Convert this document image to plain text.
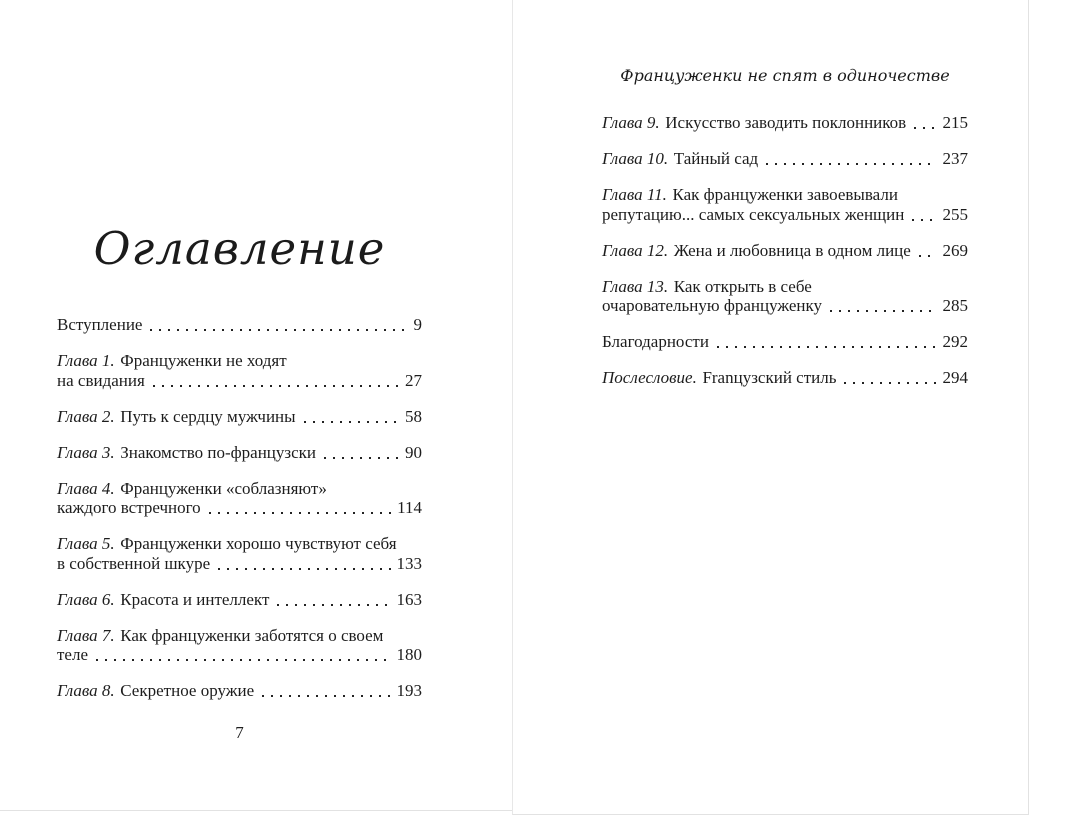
Оглавление
Вступление	9
Глава 1. Француженки не ходят
на свидания	27
Глава 2. Путь к сердцу мужчины	58
Глава 3. Знакомство по-французски	90
Глава 4. Француженки «соблазняют»
каждого встречного	114
Глава 5. Француженки хорошо чувствуют себя
в собственной шкуре	133
Глава 6. Красота и интеллект	163
Глава 7. Как француженки заботятся о своем
теле	180
Глава 8. Секретное оружие	193
7
Француженки не спят в одиночестве
Глава 9. Искусство заводить поклонников 215
Глава 10. Тайный сад	237
Глава 11. Как француженки завоевывали
репутацию... самых сексуальных женщин 255
Глава 12. Жена и любовница в одном лице 269
Глава 13. Как открыть в себе
очаровательную француженку	285
Благодарности	292
Послесловие. Franцузский стиль	294
